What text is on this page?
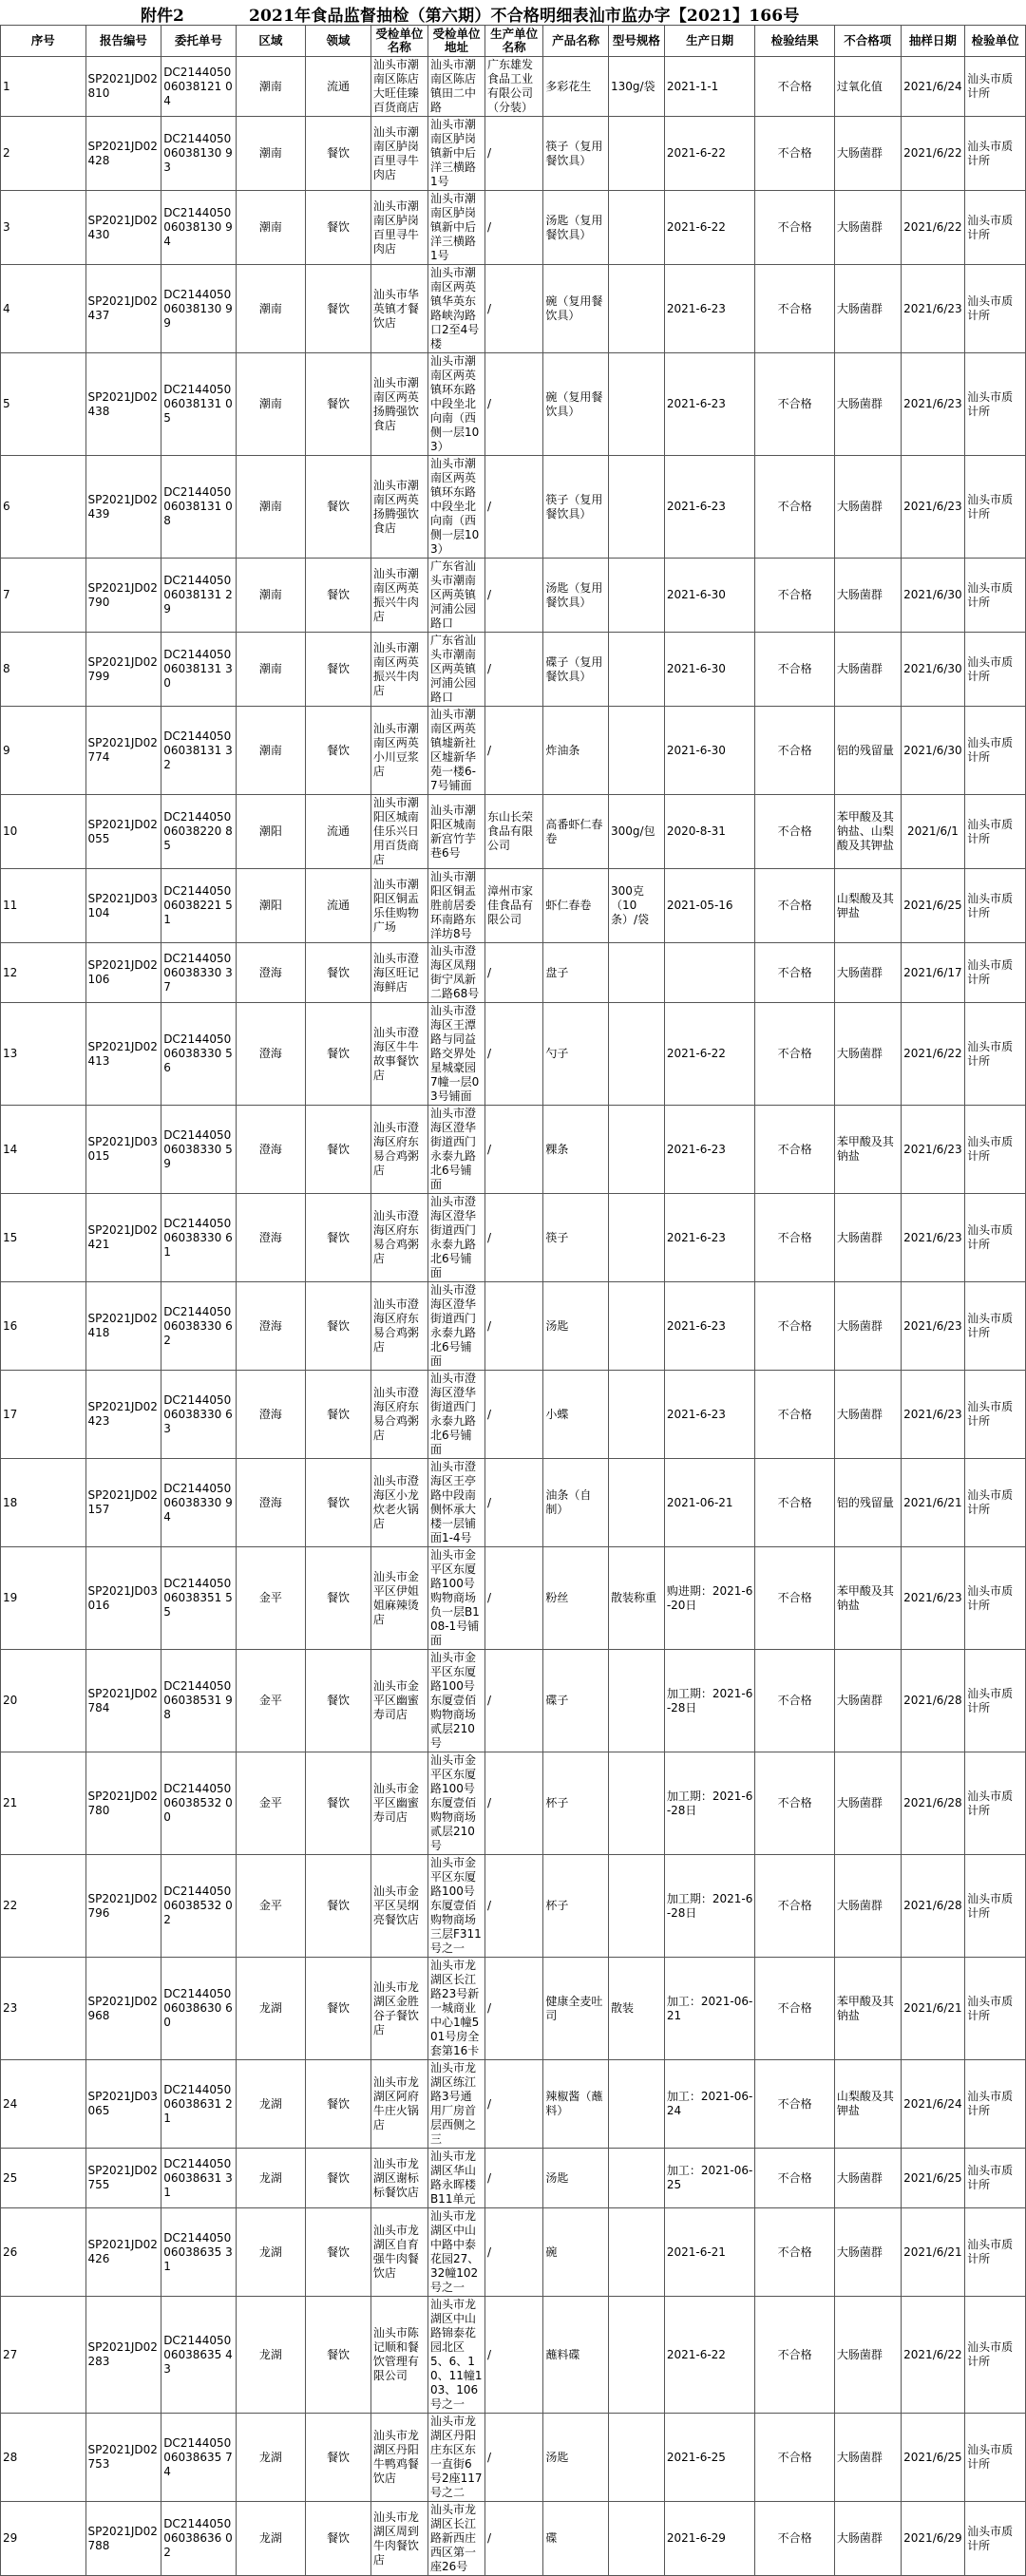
附件2	2021年食品监督抽检（第六期）不合格明细表汕市监办字【2021】166号
序号	报告编号	委托单号	区域	领域	受检单位名称	受检单位地址	生产单位名称	产品名称	型号规格	生产日期	检验结果	不合格项	抽样日期	检验单位
1	SP2021JD02810	DC214405006038121 04	潮南	流通	汕头市潮南区陈店大旺佳臻百货商店	汕头市潮南区陈店镇田二中路	广东雄发食品工业有限公司（分装）	多彩花生	130g/袋	2021-1-1	不合格	过氧化值	2021/6/24	汕头市质计所
2	SP2021JD02428	DC214405006038130 93	潮南	餐饮	汕头市潮南区胪岗百里寻牛肉店	汕头市潮南区胪岗镇新中后洋三横路1号	/	筷子（复用餐饮具）		2021-6-22	不合格	大肠菌群	2021/6/22	汕头市质计所
3	SP2021JD02430	DC214405006038130 94	潮南	餐饮	汕头市潮南区胪岗百里寻牛肉店	汕头市潮南区胪岗镇新中后洋三横路1号	/	汤匙（复用餐饮具）		2021-6-22	不合格	大肠菌群	2021/6/22	汕头市质计所
4	SP2021JD02437	DC214405006038130 99	潮南	餐饮	汕头市华英镇才餐饮店	汕头市潮南区两英镇华英东路峡沟路口2至4号楼	/	碗（复用餐饮具）		2021-6-23	不合格	大肠菌群	2021/6/23	汕头市质计所
5	SP2021JD02438	DC214405006038131 05	潮南	餐饮	汕头市潮南区两英扬腾强饮食店	汕头市潮南区两英镇环东路中段坐北向南（西侧一层103）	/	碗（复用餐饮具）		2021-6-23	不合格	大肠菌群	2021/6/23	汕头市质计所
6	SP2021JD02439	DC214405006038131 08	潮南	餐饮	汕头市潮南区两英扬腾强饮食店	汕头市潮南区两英镇环东路中段坐北向南（西侧一层103）	/	筷子（复用餐饮具）		2021-6-23	不合格	大肠菌群	2021/6/23	汕头市质计所
7	SP2021JD02790	DC214405006038131 29	潮南	餐饮	汕头市潮南区两英振兴牛肉店	广东省汕头市潮南区两英镇河浦公园路口	/	汤匙（复用餐饮具）		2021-6-30	不合格	大肠菌群	2021/6/30	汕头市质计所
8	SP2021JD02799	DC214405006038131 30	潮南	餐饮	汕头市潮南区两英振兴牛肉店	广东省汕头市潮南区两英镇河浦公园路口	/	碟子（复用餐饮具）		2021-6-30	不合格	大肠菌群	2021/6/30	汕头市质计所
9	SP2021JD02774	DC214405006038131 32	潮南	餐饮	汕头市潮南区两英小川豆浆店	汕头市潮南区两英镇墟新社区墟新华苑一楼6-7号铺面	/	炸油条		2021-6-30	不合格	铝的残留量	2021/6/30	汕头市质计所
10	SP2021JD02055	DC214405006038220 85	潮阳	流通	汕头市潮阳区城南佳乐兴日用百货商店	汕头市潮阳区城南新宫竹芋巷6号	东山长荣食品有限公司	高番虾仁春卷	300g/包	2020-8-31	不合格	苯甲酸及其钠盐、山梨酸及其钾盐	2021/6/1	汕头市质计所
11	SP2021JD03104	DC214405006038221 51	潮阳	流通	汕头市潮阳区铜盂乐佳购物广场	汕头市潮阳区铜盂胜前居委环南路东洋坊8号	漳州市家佳食品有限公司	虾仁春卷	300克（10条）/袋	2021-05-16	不合格	山梨酸及其钾盐	2021/6/25	汕头市质计所
12	SP2021JD02106	DC214405006038330 37	澄海	餐饮	汕头市澄海区旺记海鲜店	汕头市澄海区凤翔街宁凤新二路68号	/	盘子			不合格	大肠菌群	2021/6/17	汕头市质计所
13	SP2021JD02413	DC214405006038330 56	澄海	餐饮	汕头市澄海区牛牛故事餐饮店	汕头市澄海区王潭路与同益路交界处星城豪园7幢一层03号铺面	/	勺子		2021-6-22	不合格	大肠菌群	2021/6/22	汕头市质计所
14	SP2021JD03015	DC214405006038330 59	澄海	餐饮	汕头市澄海区府东易合鸡粥店	汕头市澄海区澄华街道西门永泰九路北6号铺面	/	粿条		2021-6-23	不合格	苯甲酸及其钠盐	2021/6/23	汕头市质计所
15	SP2021JD02421	DC214405006038330 61	澄海	餐饮	汕头市澄海区府东易合鸡粥店	汕头市澄海区澄华街道西门永泰九路北6号铺面	/	筷子		2021-6-23	不合格	大肠菌群	2021/6/23	汕头市质计所
16	SP2021JD02418	DC214405006038330 62	澄海	餐饮	汕头市澄海区府东易合鸡粥店	汕头市澄海区澄华街道西门永泰九路北6号铺面	/	汤匙		2021-6-23	不合格	大肠菌群	2021/6/23	汕头市质计所
17	SP2021JD02423	DC214405006038330 63	澄海	餐饮	汕头市澄海区府东易合鸡粥店	汕头市澄海区澄华街道西门永泰九路北6号铺面	/	小蝶		2021-6-23	不合格	大肠菌群	2021/6/23	汕头市质计所
18	SP2021JD02157	DC214405006038330 94	澄海	餐饮	汕头市澄海区小龙炊老火锅店	汕头市澄海区王亭路中段南侧怀承大楼一层铺面1-4号	/	油条（自制）		2021-06-21	不合格	铝的残留量	2021/6/21	汕头市质计所
19	SP2021JD03016	DC214405006038351 55	金平	餐饮	汕头市金平区伊姐姐麻辣烫店	汕头市金平区东厦路100号购物商场负一层B108-1号铺面	/	粉丝	散装称重	购进期：2021-6-20日	不合格	苯甲酸及其钠盐	2021/6/23	汕头市质计所
20	SP2021JD02784	DC214405006038531 98	金平	餐饮	汕头市金平区幽蜜寿司店	汕头市金平区东厦路100号东厦壹佰购物商场贰层210号	/	碟子		加工期：2021-6-28日	不合格	大肠菌群	2021/6/28	汕头市质计所
21	SP2021JD02780	DC214405006038532 00	金平	餐饮	汕头市金平区幽蜜寿司店	汕头市金平区东厦路100号东厦壹佰购物商场贰层210号	/	杯子		加工期：2021-6-28日	不合格	大肠菌群	2021/6/28	汕头市质计所
22	SP2021JD02796	DC214405006038532 02	金平	餐饮	汕头市金平区吴纲亮餐饮店	汕头市金平区东厦路100号东厦壹佰购物商场三层F311号之一	/	杯子		加工期：2021-6-28日	不合格	大肠菌群	2021/6/28	汕头市质计所
23	SP2021JD02968	DC214405006038630 60	龙湖	餐饮	汕头市龙湖区金胜谷子餐饮店	汕头市龙湖区长江路23号新一城商业中心1幢501号房全套第16卡	/	健康全麦吐司	散装	加工：2021-06-21	不合格	苯甲酸及其钠盐	2021/6/21	汕头市质计所
24	SP2021JD03065	DC214405006038631 21	龙湖	餐饮	汕头市龙湖区阿府牛庄火锅店	汕头市龙湖区练江路3号通用厂房首层西侧之三	/	辣椒酱（蘸料）		加工：2021-06-24	不合格	山梨酸及其钾盐	2021/6/24	汕头市质计所
25	SP2021JD02755	DC214405006038631 31	龙湖	餐饮	汕头市龙湖区谢标标餐饮店	汕头市龙湖区华山路永晖楼B11单元	/	汤匙		加工：2021-06-25	不合格	大肠菌群	2021/6/25	汕头市质计所
26	SP2021JD02426	DC214405006038635 31	龙湖	餐饮	汕头市龙湖区自育强牛肉餐饮店	汕头市龙湖区中山中路中泰花园27、32幢102号之一	/	碗		2021-6-21	不合格	大肠菌群	2021/6/21	汕头市质计所
27	SP2021JD02283	DC214405006038635 43	龙湖	餐饮	汕头市陈记顺和餐饮管理有限公司	汕头市龙湖区中山路锦泰花园北区5、6、10、11幢103、106号之一	/	蘸料碟		2021-6-22	不合格	大肠菌群	2021/6/22	汕头市质计所
28	SP2021JD02753	DC214405006038635 74	龙湖	餐饮	汕头市龙湖区丹阳牛鸭鸡餐饮店	汕头市龙湖区丹阳庄东区东一直街6号2座117号之二	/	汤匙		2021-6-25	不合格	大肠菌群	2021/6/25	汕头市质计所
29	SP2021JD02788	DC214405006038636 02	龙湖	餐饮	汕头市龙湖区周到牛肉餐饮店	汕头市龙湖区长江路新西庄西区第一座26号	/	碟		2021-6-29	不合格	大肠菌群	2021/6/29	汕头市质计所
